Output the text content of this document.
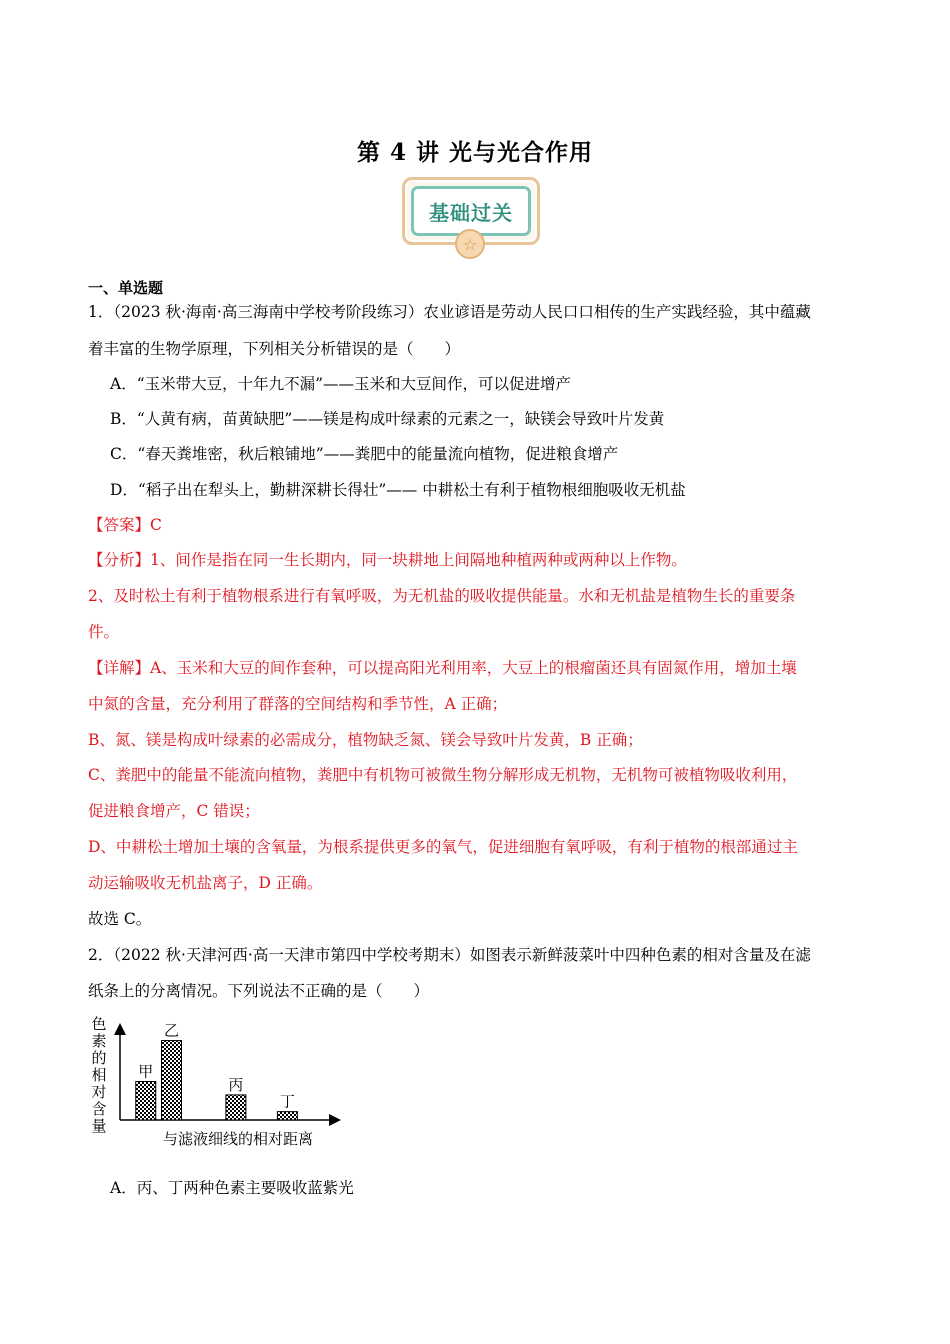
第 4 讲 光与光合作用
基础过关
☆
一、单选题
1．（2023 秋·海南·高三海南中学校考阶段练习）农业谚语是劳动人民口口相传的生产实践经验，其中蕴藏
着丰富的生物学原理，下列相关分析错误的是（　　）
A．“玉米带大豆，十年九不漏”——玉米和大豆间作，可以促进增产
B．“人黄有病，苗黄缺肥”——镁是构成叶绿素的元素之一，缺镁会导致叶片发黄
C．“春天粪堆密，秋后粮铺地”——粪肥中的能量流向植物，促进粮食增产
D．“稻子出在犁头上，勤耕深耕长得壮”—— 中耕松土有利于植物根细胞吸收无机盐
【答案】C
【分析】1、间作是指在同一生长期内，同一块耕地上间隔地种植两种或两种以上作物。
2、及时松土有利于植物根系进行有氧呼吸，为无机盐的吸收提供能量。水和无机盐是植物生长的重要条
件。
【详解】A、玉米和大豆的间作套种，可以提高阳光利用率，大豆上的根瘤菌还具有固氮作用，增加土壤
中氮的含量，充分利用了群落的空间结构和季节性，A 正确；
B、氮、镁是构成叶绿素的必需成分，植物缺乏氮、镁会导致叶片发黄，B 正确；
C、粪肥中的能量不能流向植物，粪肥中有机物可被微生物分解形成无机物，无机物可被植物吸收利用，
促进粮食增产，C 错误；
D、中耕松土增加土壤的含氧量，为根系提供更多的氧气，促进细胞有氧呼吸，有利于植物的根部通过主
动运输吸收无机盐离子，D 正确。
故选 C。
2．（2022 秋·天津河西·高一天津市第四中学校考期末）如图表示新鲜菠菜叶中四种色素的相对含量及在滤
纸条上的分离情况。下列说法不正确的是（　　）
色
素
的
相
对
含
量
甲
乙
丙
丁
与滤液细线的相对距离
A．丙、丁两种色素主要吸收蓝紫光
